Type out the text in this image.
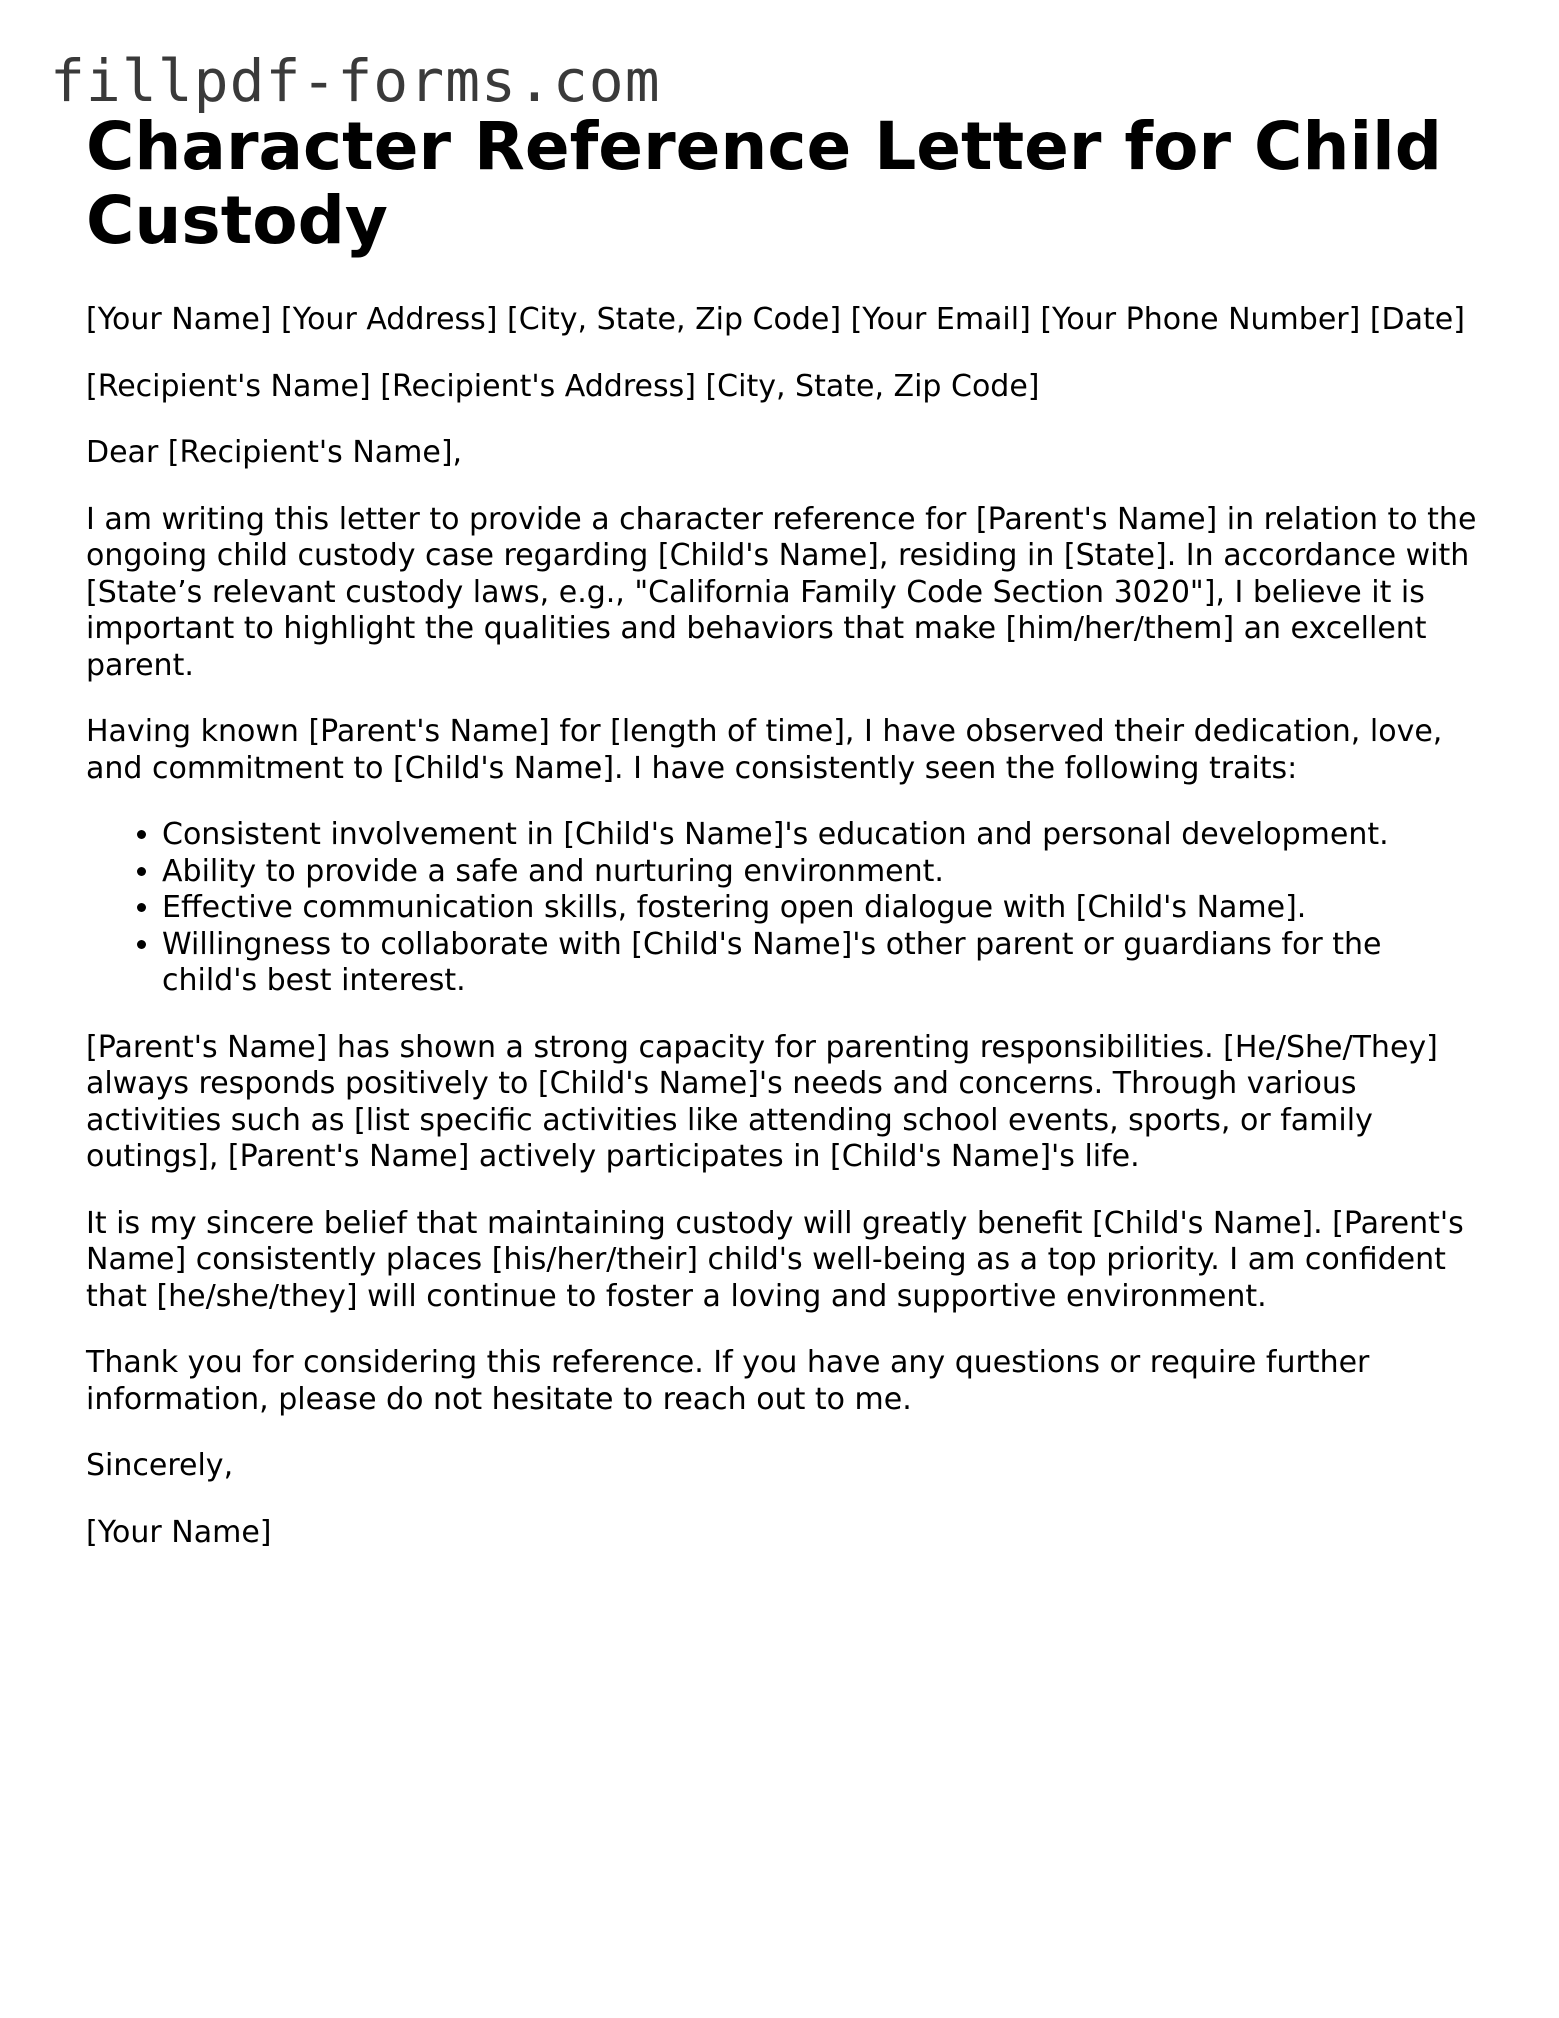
fillpdf-forms.com
Character Reference Letter for Child Custody

[Your Name] [Your Address] [City, State, Zip Code] [Your Email] [Your Phone Number] [Date]

[Recipient's Name] [Recipient's Address] [City, State, Zip Code]

Dear [Recipient's Name],

I am writing this letter to provide a character reference for [Parent's Name] in relation to the ongoing child custody case regarding [Child's Name], residing in [State]. In accordance with [State’s relevant custody laws, e.g., "California Family Code Section 3020"], I believe it is important to highlight the qualities and behaviors that make [him/her/them] an excellent parent.

Having known [Parent's Name] for [length of time], I have observed their dedication, love, and commitment to [Child's Name]. I have consistently seen the following traits:

• Consistent involvement in [Child's Name]'s education and personal development.
• Ability to provide a safe and nurturing environment.
• Effective communication skills, fostering open dialogue with [Child's Name].
• Willingness to collaborate with [Child's Name]'s other parent or guardians for the child's best interest.

[Parent's Name] has shown a strong capacity for parenting responsibilities. [He/She/They] always responds positively to [Child's Name]'s needs and concerns. Through various activities such as [list specific activities like attending school events, sports, or family outings], [Parent's Name] actively participates in [Child's Name]'s life.

It is my sincere belief that maintaining custody will greatly benefit [Child's Name]. [Parent's Name] consistently places [his/her/their] child's well-being as a top priority. I am confident that [he/she/they] will continue to foster a loving and supportive environment.

Thank you for considering this reference. If you have any questions or require further information, please do not hesitate to reach out to me.

Sincerely,

[Your Name]
